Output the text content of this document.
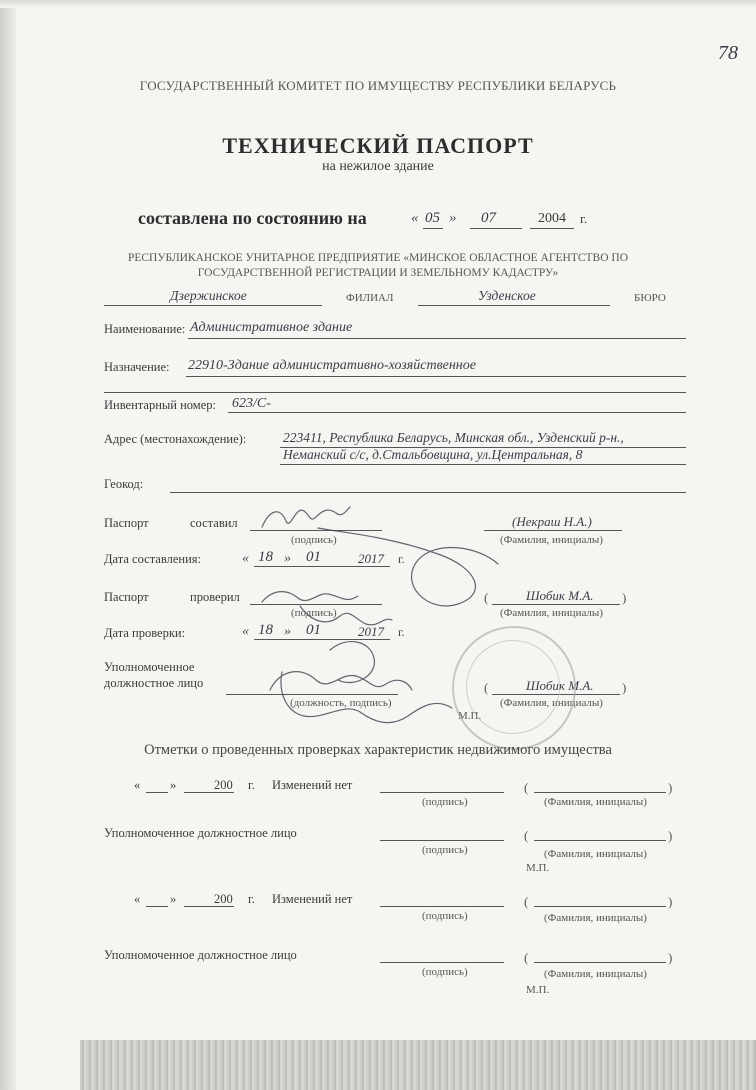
78
ГОСУДАРСТВЕННЫЙ КОМИТЕТ ПО ИМУЩЕСТВУ РЕСПУБЛИКИ БЕЛАРУСЬ
ТЕХНИЧЕСКИЙ ПАСПОРТ
на нежилое здание
составлена по состоянию на	« 05 » 07	2004 г.
РЕСПУБЛИКАНСКОЕ УНИТАРНОЕ ПРЕДПРИЯТИЕ «МИНСКОЕ ОБЛАСТНОЕ АГЕНТСТВО ПО
ГОСУДАРСТВЕННОЙ РЕГИСТРАЦИИ И ЗЕМЕЛЬНОМУ КАДАСТРУ»
Дзержинское	ФИЛИАЛ	Узденское	БЮРО
Наименование: Административное здание
Назначение: 22910-Здание административно-хозяйственное
Инвентарный номер: 623/С-
Адрес (местонахождение):	223411, Республика Беларусь, Минская обл., Узденский р-н.,
Неманский с/с, д.Стальбовщина, ул.Центральная, 8
Геокод:
Паспорт	составил
(подпись)
(Некраш Н.А.)
(Фамилия, инициалы)
Дата составления:	« 18 » 01	2017 г.
Паспорт	проверил
(подпись)
(	Шобик М.А. )
(Фамилия, инициалы)
Дата проверки:	« 18 » 01	2017 г.
Уполномоченное
должностное лицо
(должность, подпись)
(	Шобик М.А. )
(Фамилия, инициалы)
М.П.
Отметки о проведенных проверках характеристик недвижимого имущества
« »	200 г. Изменений нет
(подпись)
(	)
(Фамилия, инициалы)
Уполномоченное должностное лицо
(подпись)
(	)
(Фамилия, инициалы)
М.П.
« »	200 г. Изменений нет
(подпись)
(	)
(Фамилия, инициалы)
Уполномоченное должностное лицо
(подпись)
(	)
(Фамилия, инициалы)
М.П.
